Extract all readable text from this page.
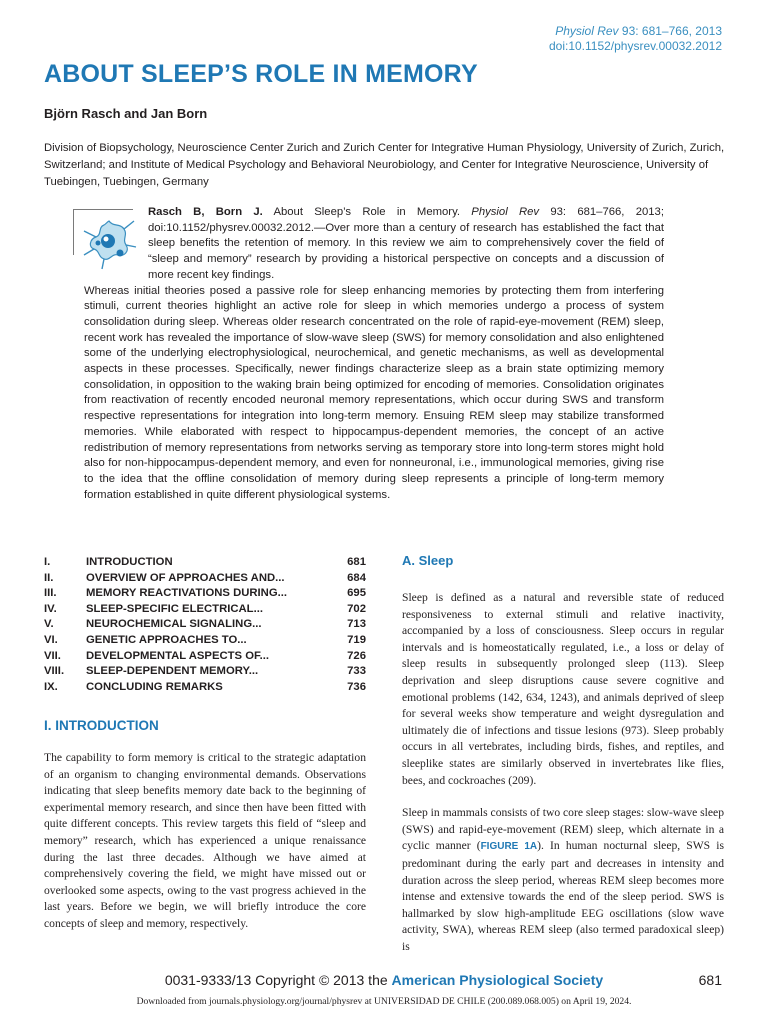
Physiol Rev 93: 681–766, 2013
doi:10.1152/physrev.00032.2012
ABOUT SLEEP’S ROLE IN MEMORY
Björn Rasch and Jan Born
Division of Biopsychology, Neuroscience Center Zurich and Zurich Center for Integrative Human Physiology, University of Zurich, Zurich, Switzerland; and Institute of Medical Psychology and Behavioral Neurobiology, and Center for Integrative Neuroscience, University of Tuebingen, Tuebingen, Germany
Rasch B, Born J. About Sleep’s Role in Memory. Physiol Rev 93: 681–766, 2013; doi:10.1152/physrev.00032.2012.—Over more than a century of research has established the fact that sleep benefits the retention of memory. In this review we aim to comprehensively cover the field of “sleep and memory” research by providing a historical perspective on concepts and a discussion of more recent key findings.
Whereas initial theories posed a passive role for sleep enhancing memories by protecting them from interfering stimuli, current theories highlight an active role for sleep in which memories undergo a process of system consolidation during sleep. Whereas older research concentrated on the role of rapid-eye-movement (REM) sleep, recent work has revealed the importance of slow-wave sleep (SWS) for memory consolidation and also enlightened some of the underlying electrophysiological, neurochemical, and genetic mechanisms, as well as developmental aspects in these processes. Specifically, newer findings characterize sleep as a brain state optimizing memory consolidation, in opposition to the waking brain being optimized for encoding of memories. Consolidation originates from reactivation of recently encoded neuronal memory representations, which occur during SWS and transform respective representations for integration into long-term memory. Ensuing REM sleep may stabilize transformed memories. While elaborated with respect to hippocampus-dependent memories, the concept of an active redistribution of memory representations from networks serving as temporary store into long-term stores might hold also for non-hippocampus-dependent memory, and even for nonneuronal, i.e., immunological memories, giving rise to the idea that the offline consolidation of memory during sleep represents a principle of long-term memory formation established in quite different physiological systems.
I.	INTRODUCTION	681
II.	OVERVIEW OF APPROACHES AND...	684
III.	MEMORY REACTIVATIONS DURING...	695
IV.	SLEEP-SPECIFIC ELECTRICAL...	702
V.	NEUROCHEMICAL SIGNALING...	713
VI.	GENETIC APPROACHES TO...	719
VII.	DEVELOPMENTAL ASPECTS OF...	726
VIII.	SLEEP-DEPENDENT MEMORY...	733
IX.	CONCLUDING REMARKS	736
I. INTRODUCTION
The capability to form memory is critical to the strategic adaptation of an organism to changing environmental demands. Observations indicating that sleep benefits memory date back to the beginning of experimental memory research, and since then have been fitted with quite different concepts. This review targets this field of “sleep and memory” research, which has experienced a unique renaissance during the last three decades. Although we have aimed at comprehensively covering the field, we might have missed out or overlooked some aspects, owing to the vast progress achieved in the last years. Before we begin, we will briefly introduce the core concepts of sleep and memory, respectively.
A. Sleep

Sleep is defined as a natural and reversible state of reduced responsiveness to external stimuli and relative inactivity, accompanied by a loss of consciousness. Sleep occurs in regular intervals and is homeostatically regulated, i.e., a loss or delay of sleep results in subsequently prolonged sleep (113). Sleep deprivation and sleep disruptions cause severe cognitive and emotional problems (142, 634, 1243), and animals deprived of sleep for several weeks show temperature and weight dysregulation and ultimately die of infections and tissue lesions (973). Sleep probably occurs in all vertebrates, including birds, fishes, and reptiles, and sleeplike states are similarly observed in invertebrates like flies, bees, and cockroaches (209).

Sleep in mammals consists of two core sleep stages: slow-wave sleep (SWS) and rapid-eye-movement (REM) sleep, which alternate in a cyclic manner (FIGURE 1A). In human nocturnal sleep, SWS is predominant during the early part and decreases in intensity and duration across the sleep period, whereas REM sleep becomes more intense and extensive towards the end of the sleep period. SWS is hallmarked by slow high-amplitude EEG oscillations (slow wave activity, SWA), whereas REM sleep (also termed paradoxical sleep) is

0031-9333/13 Copyright © 2013 the American Physiological Society	681
Downloaded from journals.physiology.org/journal/physrev at UNIVERSIDAD DE CHILE (200.089.068.005) on April 19, 2024.
